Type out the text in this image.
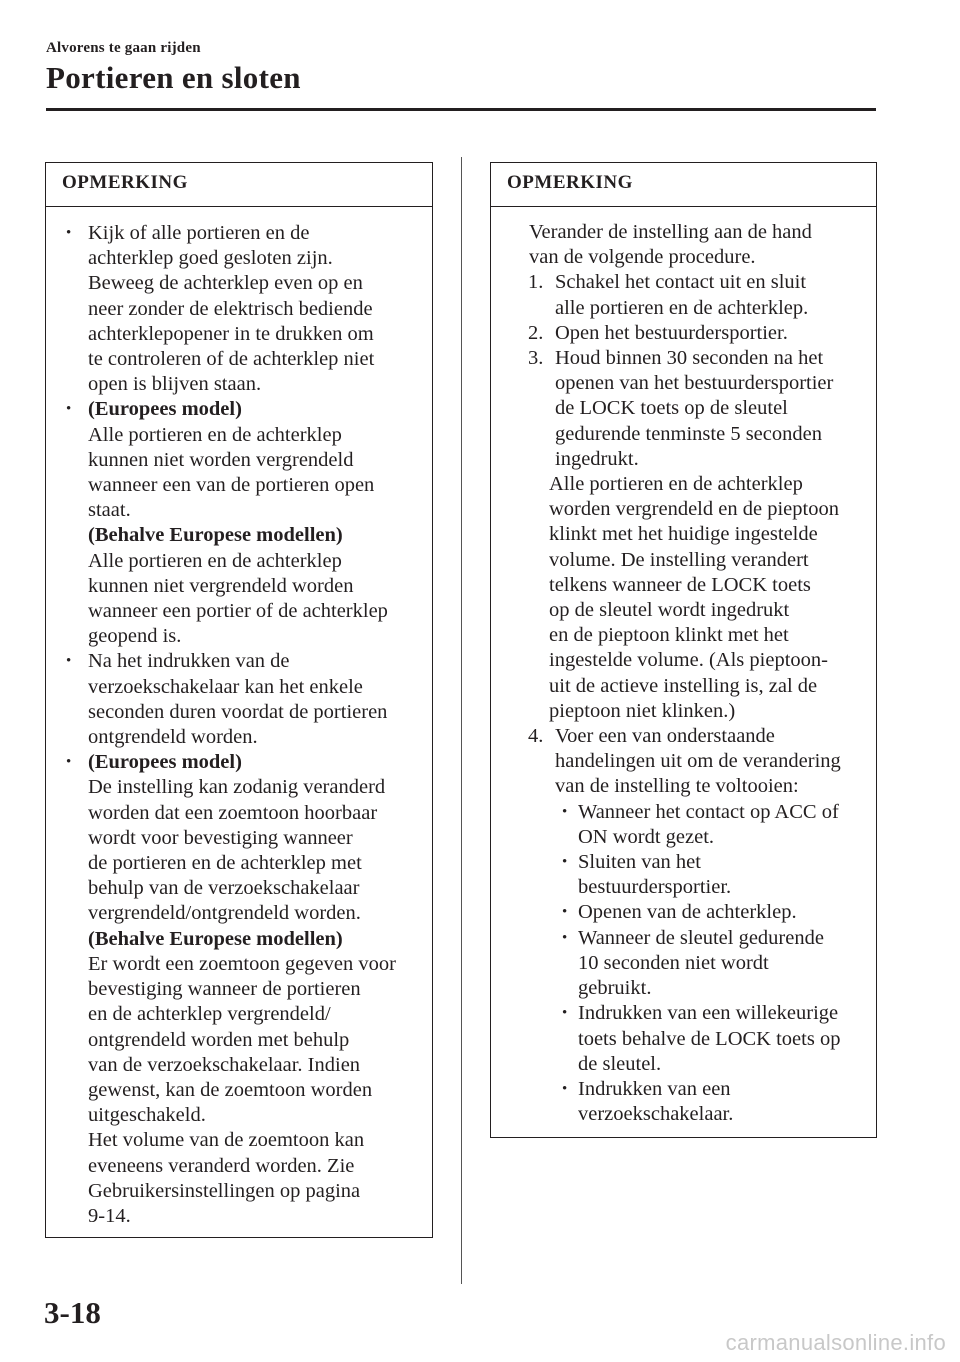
Alvorens te gaan rijden
Portieren en sloten
OPMERKING
• Kijk of alle portieren en de
achterklep goed gesloten zijn.
Beweeg de achterklep even op en
neer zonder de elektrisch bediende
achterklepopener in te drukken om
te controleren of de achterklep niet
open is blijven staan.
• (Europees model)
Alle portieren en de achterklep
kunnen niet worden vergrendeld
wanneer een van de portieren open
staat.
(Behalve Europese modellen)
Alle portieren en de achterklep
kunnen niet vergrendeld worden
wanneer een portier of de achterklep
geopend is.
• Na het indrukken van de
verzoekschakelaar kan het enkele
seconden duren voordat de portieren
ontgrendeld worden.
• (Europees model)
De instelling kan zodanig veranderd
worden dat een zoemtoon hoorbaar
wordt voor bevestiging wanneer
de portieren en de achterklep met
behulp van de verzoekschakelaar
vergrendeld/ontgrendeld worden.
(Behalve Europese modellen)
Er wordt een zoemtoon gegeven voor
bevestiging wanneer de portieren
en de achterklep vergrendeld/
ontgrendeld worden met behulp
van de verzoekschakelaar. Indien
gewenst, kan de zoemtoon worden
uitgeschakeld.
Het volume van de zoemtoon kan
eveneens veranderd worden. Zie
Gebruikersinstellingen op pagina
9-14.
OPMERKING
Verander de instelling aan de hand
van de volgende procedure.
1. Schakel het contact uit en sluit
alle portieren en de achterklep.
2. Open het bestuurdersportier.
3. Houd binnen 30 seconden na het
openen van het bestuurdersportier
de LOCK toets op de sleutel
gedurende tenminste 5 seconden
ingedrukt.
Alle portieren en de achterklep
worden vergrendeld en de pieptoon
klinkt met het huidige ingestelde
volume. De instelling verandert
telkens wanneer de LOCK toets
op de sleutel wordt ingedrukt
en de pieptoon klinkt met het
ingestelde volume. (Als pieptoon-
uit de actieve instelling is, zal de
pieptoon niet klinken.)
4. Voer een van onderstaande
handelingen uit om de verandering
van de instelling te voltooien:
• Wanneer het contact op ACC of
ON wordt gezet.
• Sluiten van het
bestuurdersportier.
• Openen van de achterklep.
• Wanneer de sleutel gedurende
10 seconden niet wordt
gebruikt.
• Indrukken van een willekeurige
toets behalve de LOCK toets op
de sleutel.
• Indrukken van een
verzoekschakelaar.
3-18
carmanualsonline.info
